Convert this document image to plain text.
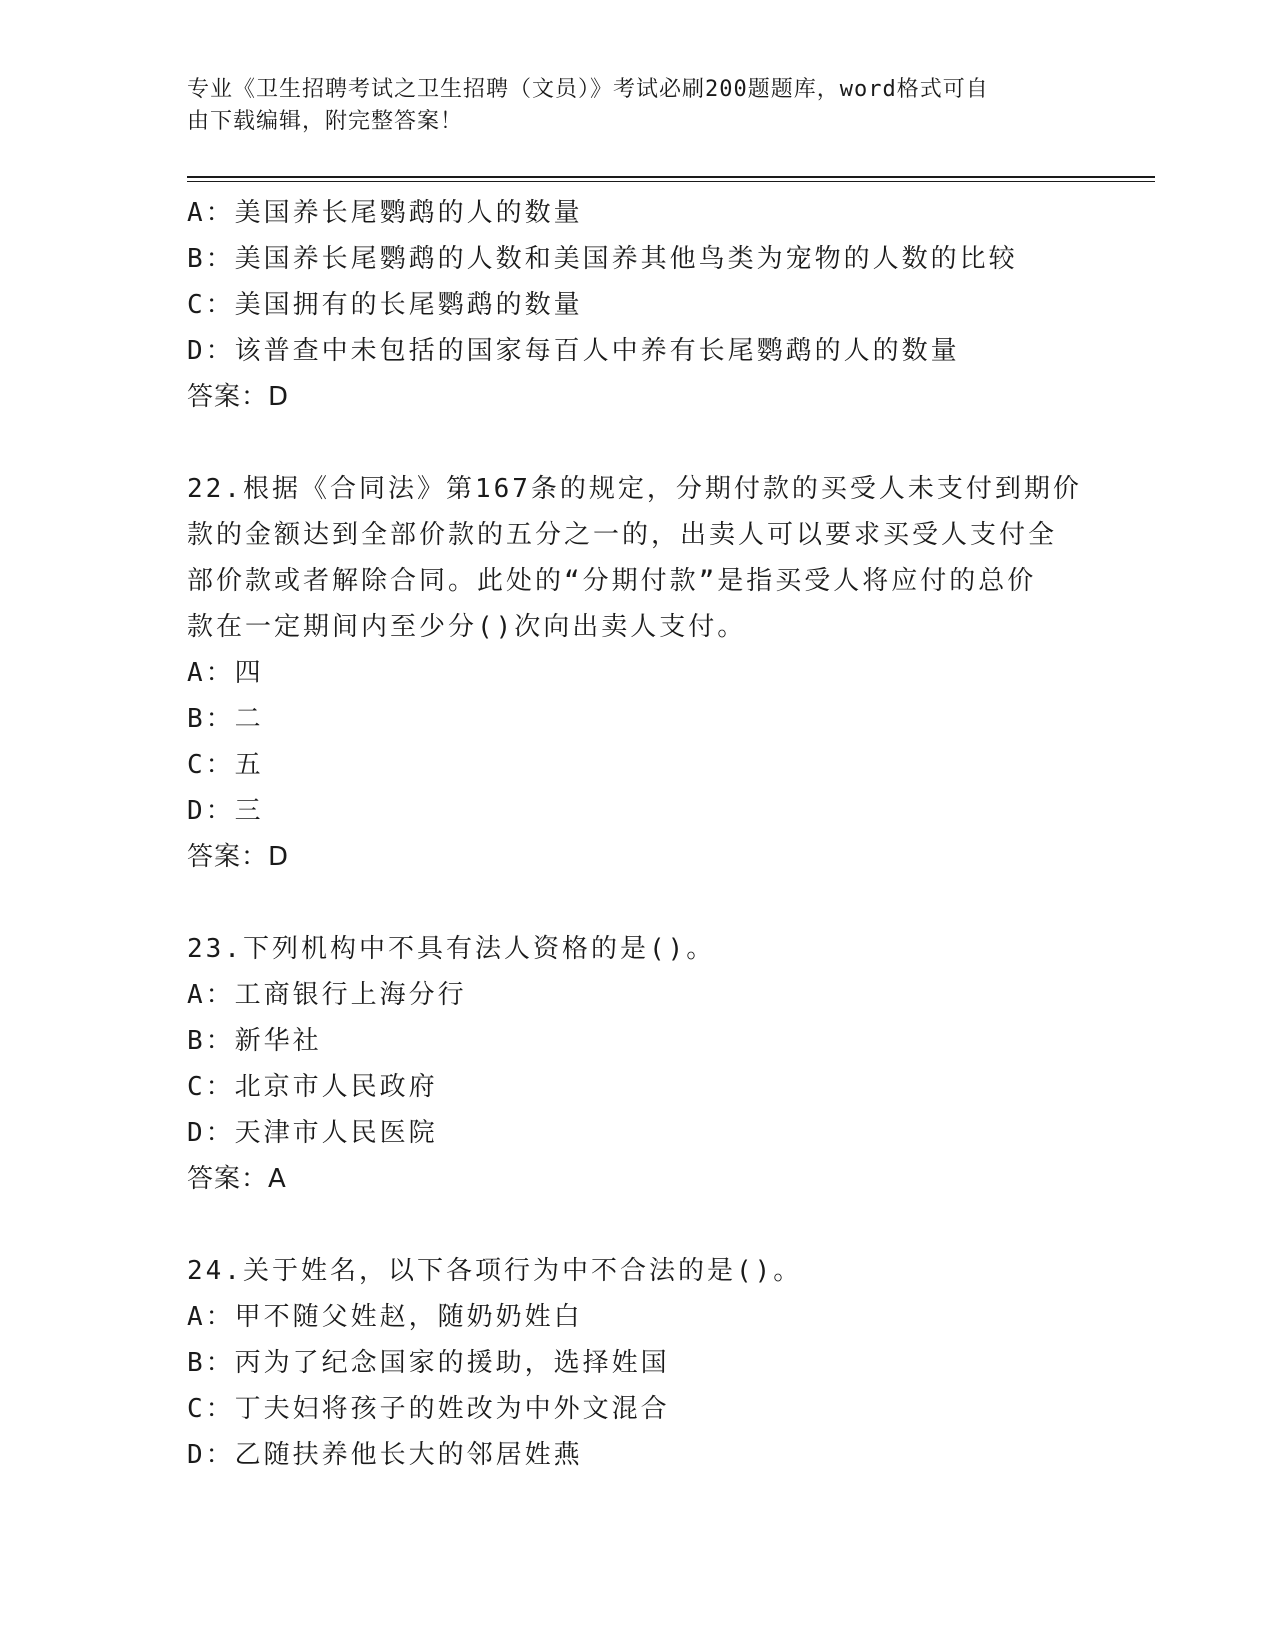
专业《卫生招聘考试之卫生招聘（文员）》考试必刷200题题库，word格式可自
由下载编辑，附完整答案！
A：美国养长尾鹦鹉的人的数量
B：美国养长尾鹦鹉的人数和美国养其他鸟类为宠物的人数的比较
C：美国拥有的长尾鹦鹉的数量
D：该普查中未包括的国家每百人中养有长尾鹦鹉的人的数量
答案：D
22.根据《合同法》第167条的规定，分期付款的买受人未支付到期价
款的金额达到全部价款的五分之一的，出卖人可以要求买受人支付全
部价款或者解除合同。此处的“分期付款”是指买受人将应付的总价
款在一定期间内至少分()次向出卖人支付。
A：四
B：二
C：五
D：三
答案：D
23.下列机构中不具有法人资格的是()。
A：工商银行上海分行
B：新华社
C：北京市人民政府
D：天津市人民医院
答案：A
24.关于姓名，以下各项行为中不合法的是()。
A：甲不随父姓赵，随奶奶姓白
B：丙为了纪念国家的援助，选择姓国
C：丁夫妇将孩子的姓改为中外文混合
D：乙随扶养他长大的邻居姓燕
